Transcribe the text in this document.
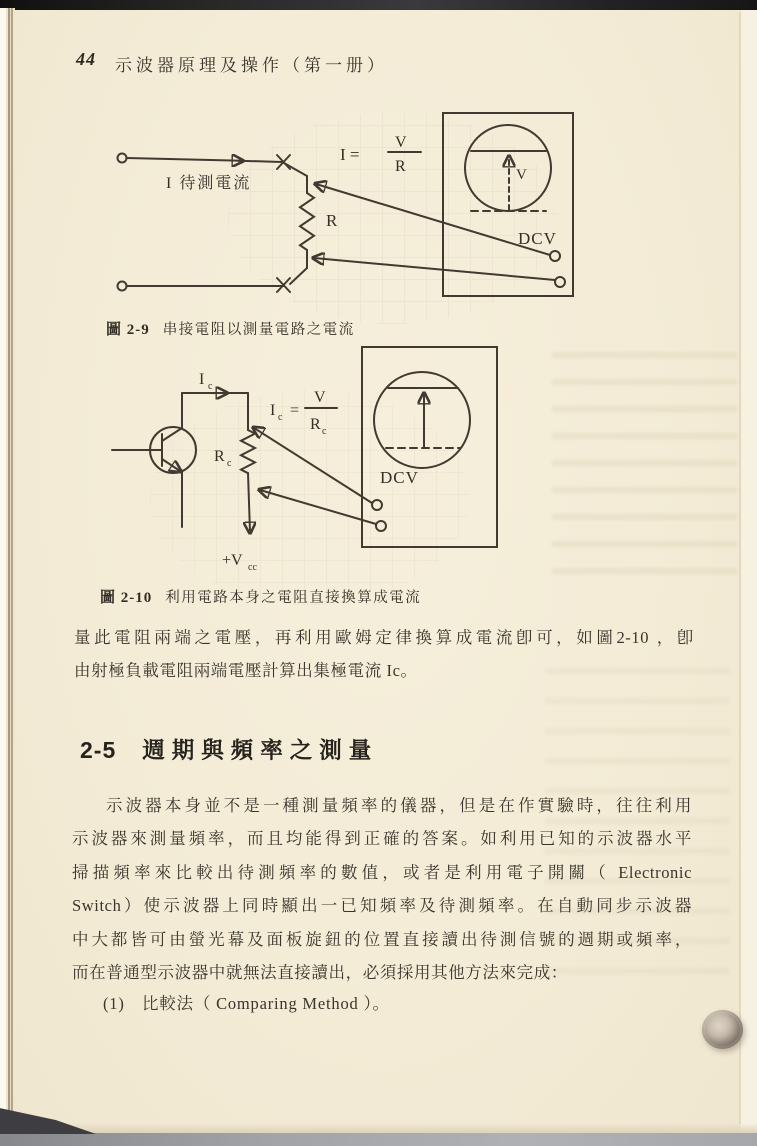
44 示波器原理及操作（第一册）
I 待測電流
R
I =
V
R	V
DCV
圖 2-9 串接電阻以測量電路之電流
I c
R c
+V cc
I c =
V
R c
DCV
圖 2-10 利用電路本身之電阻直接換算成電流
量此電阻兩端之電壓，再利用歐姆定律換算成電流卽可，如圖2-10 ，卽
由射極負載電阻兩端電壓計算出集極電流 Ic。
2-5 週期與頻率之測量
示波器本身並不是一種測量頻率的儀器，但是在作實驗時，往往利用
示波器來測量頻率，而且均能得到正確的答案。如利用已知的示波器水平
掃描頻率來比較出待測頻率的數值，或者是利用電子開關（ Electronic
Switch）使示波器上同時顯出一已知頻率及待測頻率。在自動同步示波器
中大都皆可由螢光幕及面板旋鈕的位置直接讀出待測信號的週期或頻率，
而在普通型示波器中就無法直接讀出，必須採用其他方法來完成：
(1)　比較法（ Comparing Method ）。
